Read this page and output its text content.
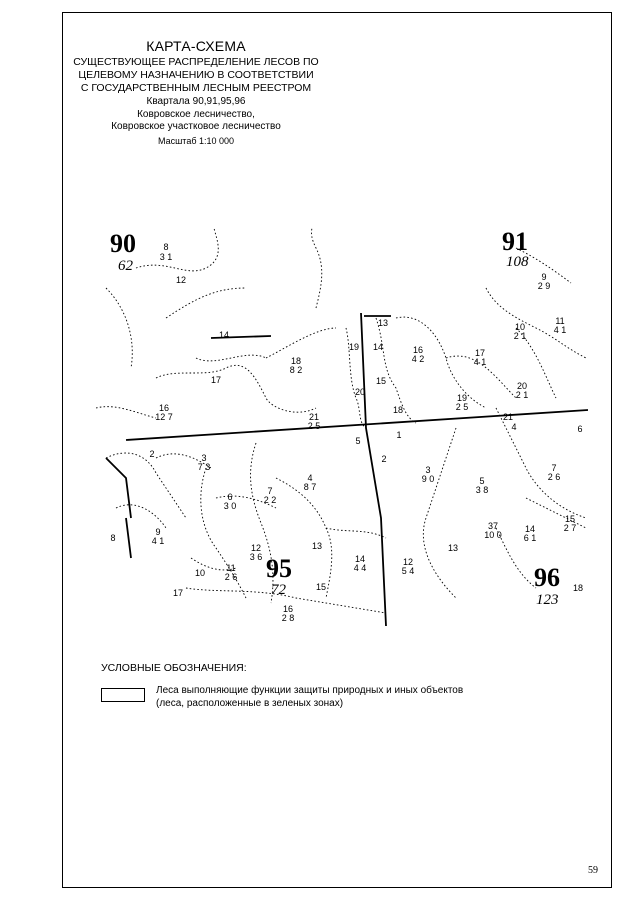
КАРТА-СХЕМА
СУЩЕСТВУЮЩЕЕ РАСПРЕДЕЛЕНИЕ ЛЕСОВ ПО
ЦЕЛЕВОМУ НАЗНАЧЕНИЮ В СООТВЕТСТВИИ
С ГОСУДАРСТВЕННЫМ ЛЕСНЫМ РЕЕСТРОМ
Квартала 90,91,95,96
Ковровское лесничество,
Ковровское участковое лесничество
Масштаб 1:10 000
8
3 1
12
14
17
16
12 7
18
8 2
21
2 5
13
19 14	16
4 2
20
15
18
17
4 1
9
2 9
10
2 1
11
4 1
19
2 5
20
2 1
21
4	6
5
1
2
3
9 0	5
3 8
7
2 6
2	3
7 3
6
3 0
7
2 2
4
8 7
8
9
4 1
12
3 6
13
14
4 4
12
5 4
13
37
10 0
14
6 1
15
2 7
10 11
2 6
16
2 8
15	18
17
90
62
91
108
95
72	96
123
УСЛОВНЫЕ ОБОЗНАЧЕНИЯ:
Леса выполняющие функции защиты природных и иных объектов
(леса, расположенные в зеленых зонах)
59
